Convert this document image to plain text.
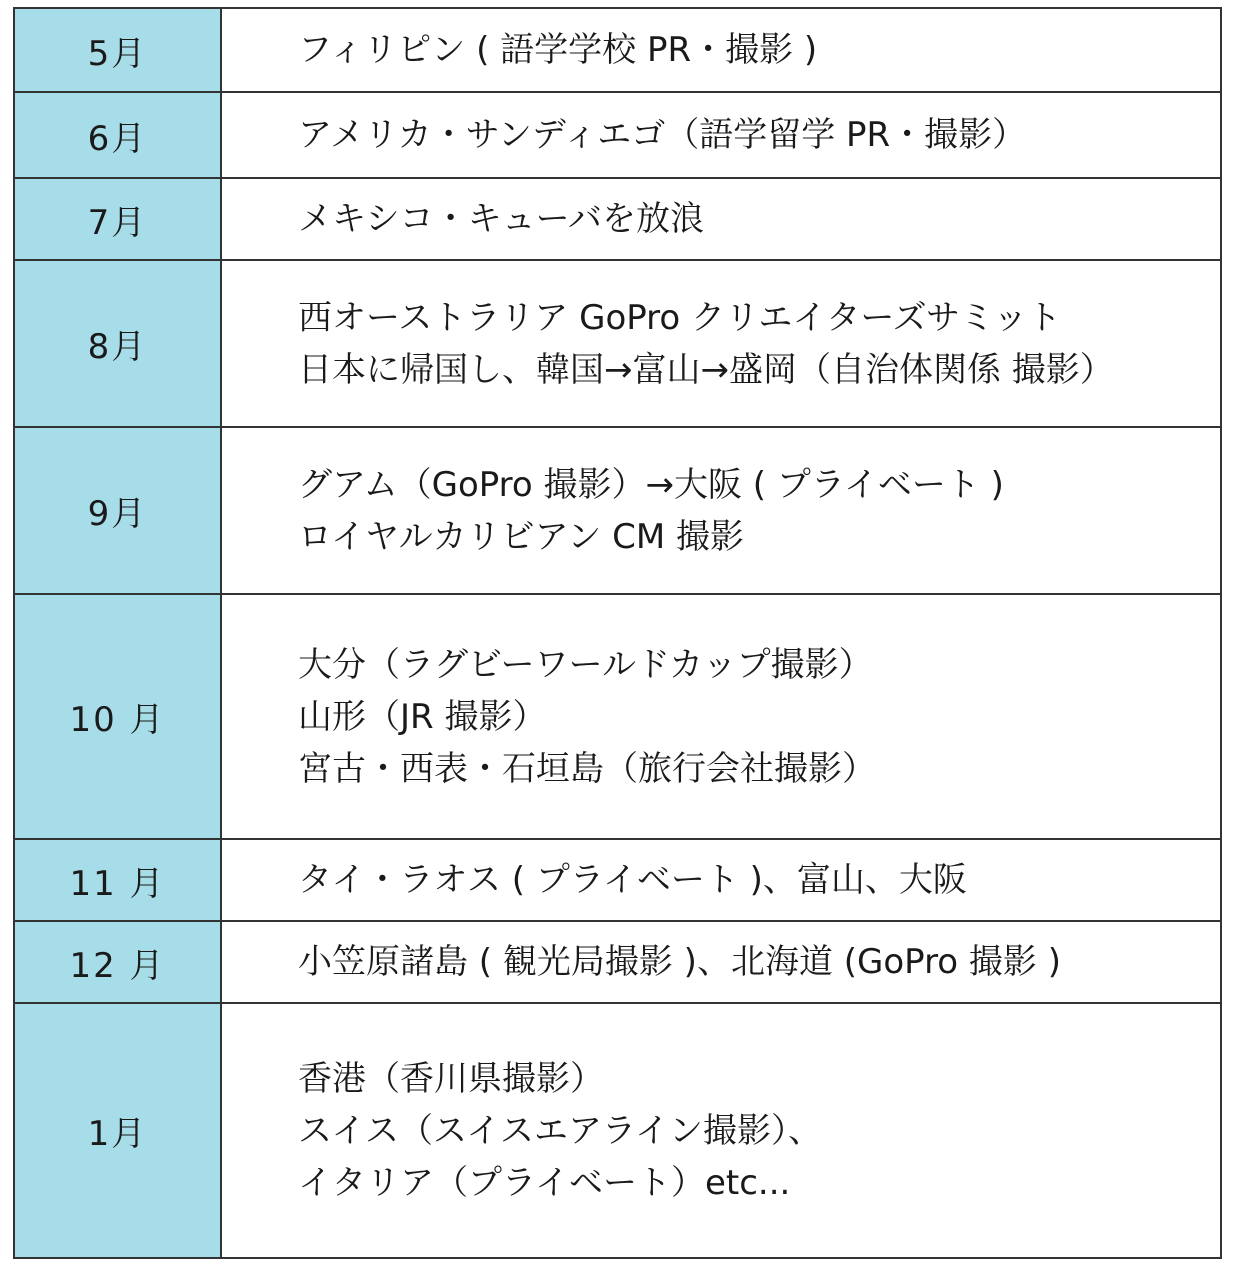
5月	フィリピン ( 語学学校 PR・撮影 )

6月	アメリカ・サンディエゴ（語学留学 PR・撮影）

7月	メキシコ・キューバを放浪

8月	西オーストラリア GoPro クリエイターズサミット
日本に帰国し、韓国→富山→盛岡（自治体関係 撮影）

9月	グアム（GoPro 撮影）→大阪 ( プライベート )
ロイヤルカリビアン CM 撮影

10 月	大分（ラグビーワールドカップ撮影）
山形（JR 撮影）
宮古・西表・石垣島（旅行会社撮影）

11 月	タイ・ラオス ( プライベート )、富山、大阪

12 月	小笠原諸島 ( 観光局撮影 )、北海道 (GoPro 撮影 )

1月	香港（香川県撮影）
スイス（スイスエアライン撮影）、
イタリア（プライベート）etc...
